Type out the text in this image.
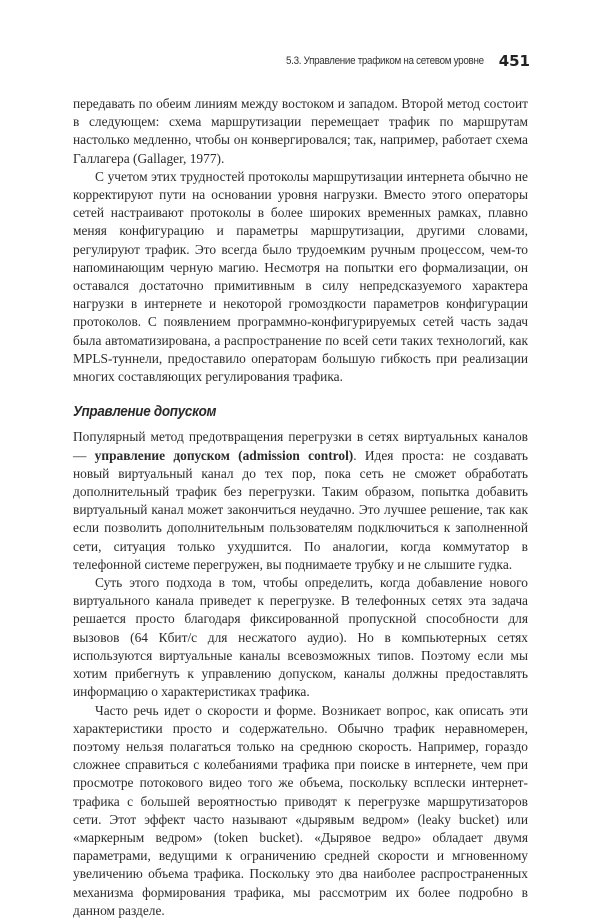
5.3. Управление трафиком на сетевом уровне 451

передавать по обеим линиям между востоком и западом. Второй метод состоит в следующем: схема маршрутизации перемещает трафик по маршрутам настолько медленно, чтобы он конвергировался; так, например, работает схема Галлагера (Gallager, 1977).

С учетом этих трудностей протоколы маршрутизации интернета обычно не корректируют пути на основании уровня нагрузки. Вместо этого операторы сетей настраивают протоколы в более широких временных рамках, плавно меняя конфигурацию и параметры маршрутизации, другими словами, регулируют трафик. Это всегда было трудоемким ручным процессом, чем-то напоминающим черную магию. Несмотря на попытки его формализации, он оставался достаточно примитивным в силу непредсказуемого характера нагрузки в интернете и некоторой громоздкости параметров конфигурации протоколов. С появлением программно-конфигурируемых сетей часть задач была автоматизирована, а распространение по всей сети таких технологий, как MPLS-туннели, предоставило операторам большую гибкость при реализации многих составляющих регулирования трафика.

Управление допуском

Популярный метод предотвращения перегрузки в сетях виртуальных каналов — управление допуском (admission control). Идея проста: не создавать новый виртуальный канал до тех пор, пока сеть не сможет обработать дополнительный трафик без перегрузки. Таким образом, попытка добавить виртуальный канал может закончиться неудачно. Это лучшее решение, так как если позволить дополнительным пользователям подключиться к заполненной сети, ситуация только ухудшится. По аналогии, когда коммутатор в телефонной системе перегружен, вы поднимаете трубку и не слышите гудка.

Суть этого подхода в том, чтобы определить, когда добавление нового виртуального канала приведет к перегрузке. В телефонных сетях эта задача решается просто благодаря фиксированной пропускной способности для вызовов (64 Кбит/с для несжатого аудио). Но в компьютерных сетях используются виртуальные каналы всевозможных типов. Поэтому если мы хотим прибегнуть к управлению допуском, каналы должны предоставлять информацию о характеристиках трафика.

Часто речь идет о скорости и форме. Возникает вопрос, как описать эти характеристики просто и содержательно. Обычно трафик неравномерен, поэтому нельзя полагаться только на среднюю скорость. Например, гораздо сложнее справиться с колебаниями трафика при поиске в интернете, чем при просмотре потокового видео того же объема, поскольку всплески интернет-трафика с большей вероятностью приводят к перегрузке маршрутизаторов сети. Этот эффект часто называют «дырявым ведром» (leaky bucket) или «маркерным ведром» (token bucket). «Дырявое ведро» обладает двумя параметрами, ведущими к ограничению средней скорости и мгновенному увеличению объема трафика. Поскольку это два наиболее распространенных механизма формирования трафика, мы рассмотрим их более подробно в данном разделе.
